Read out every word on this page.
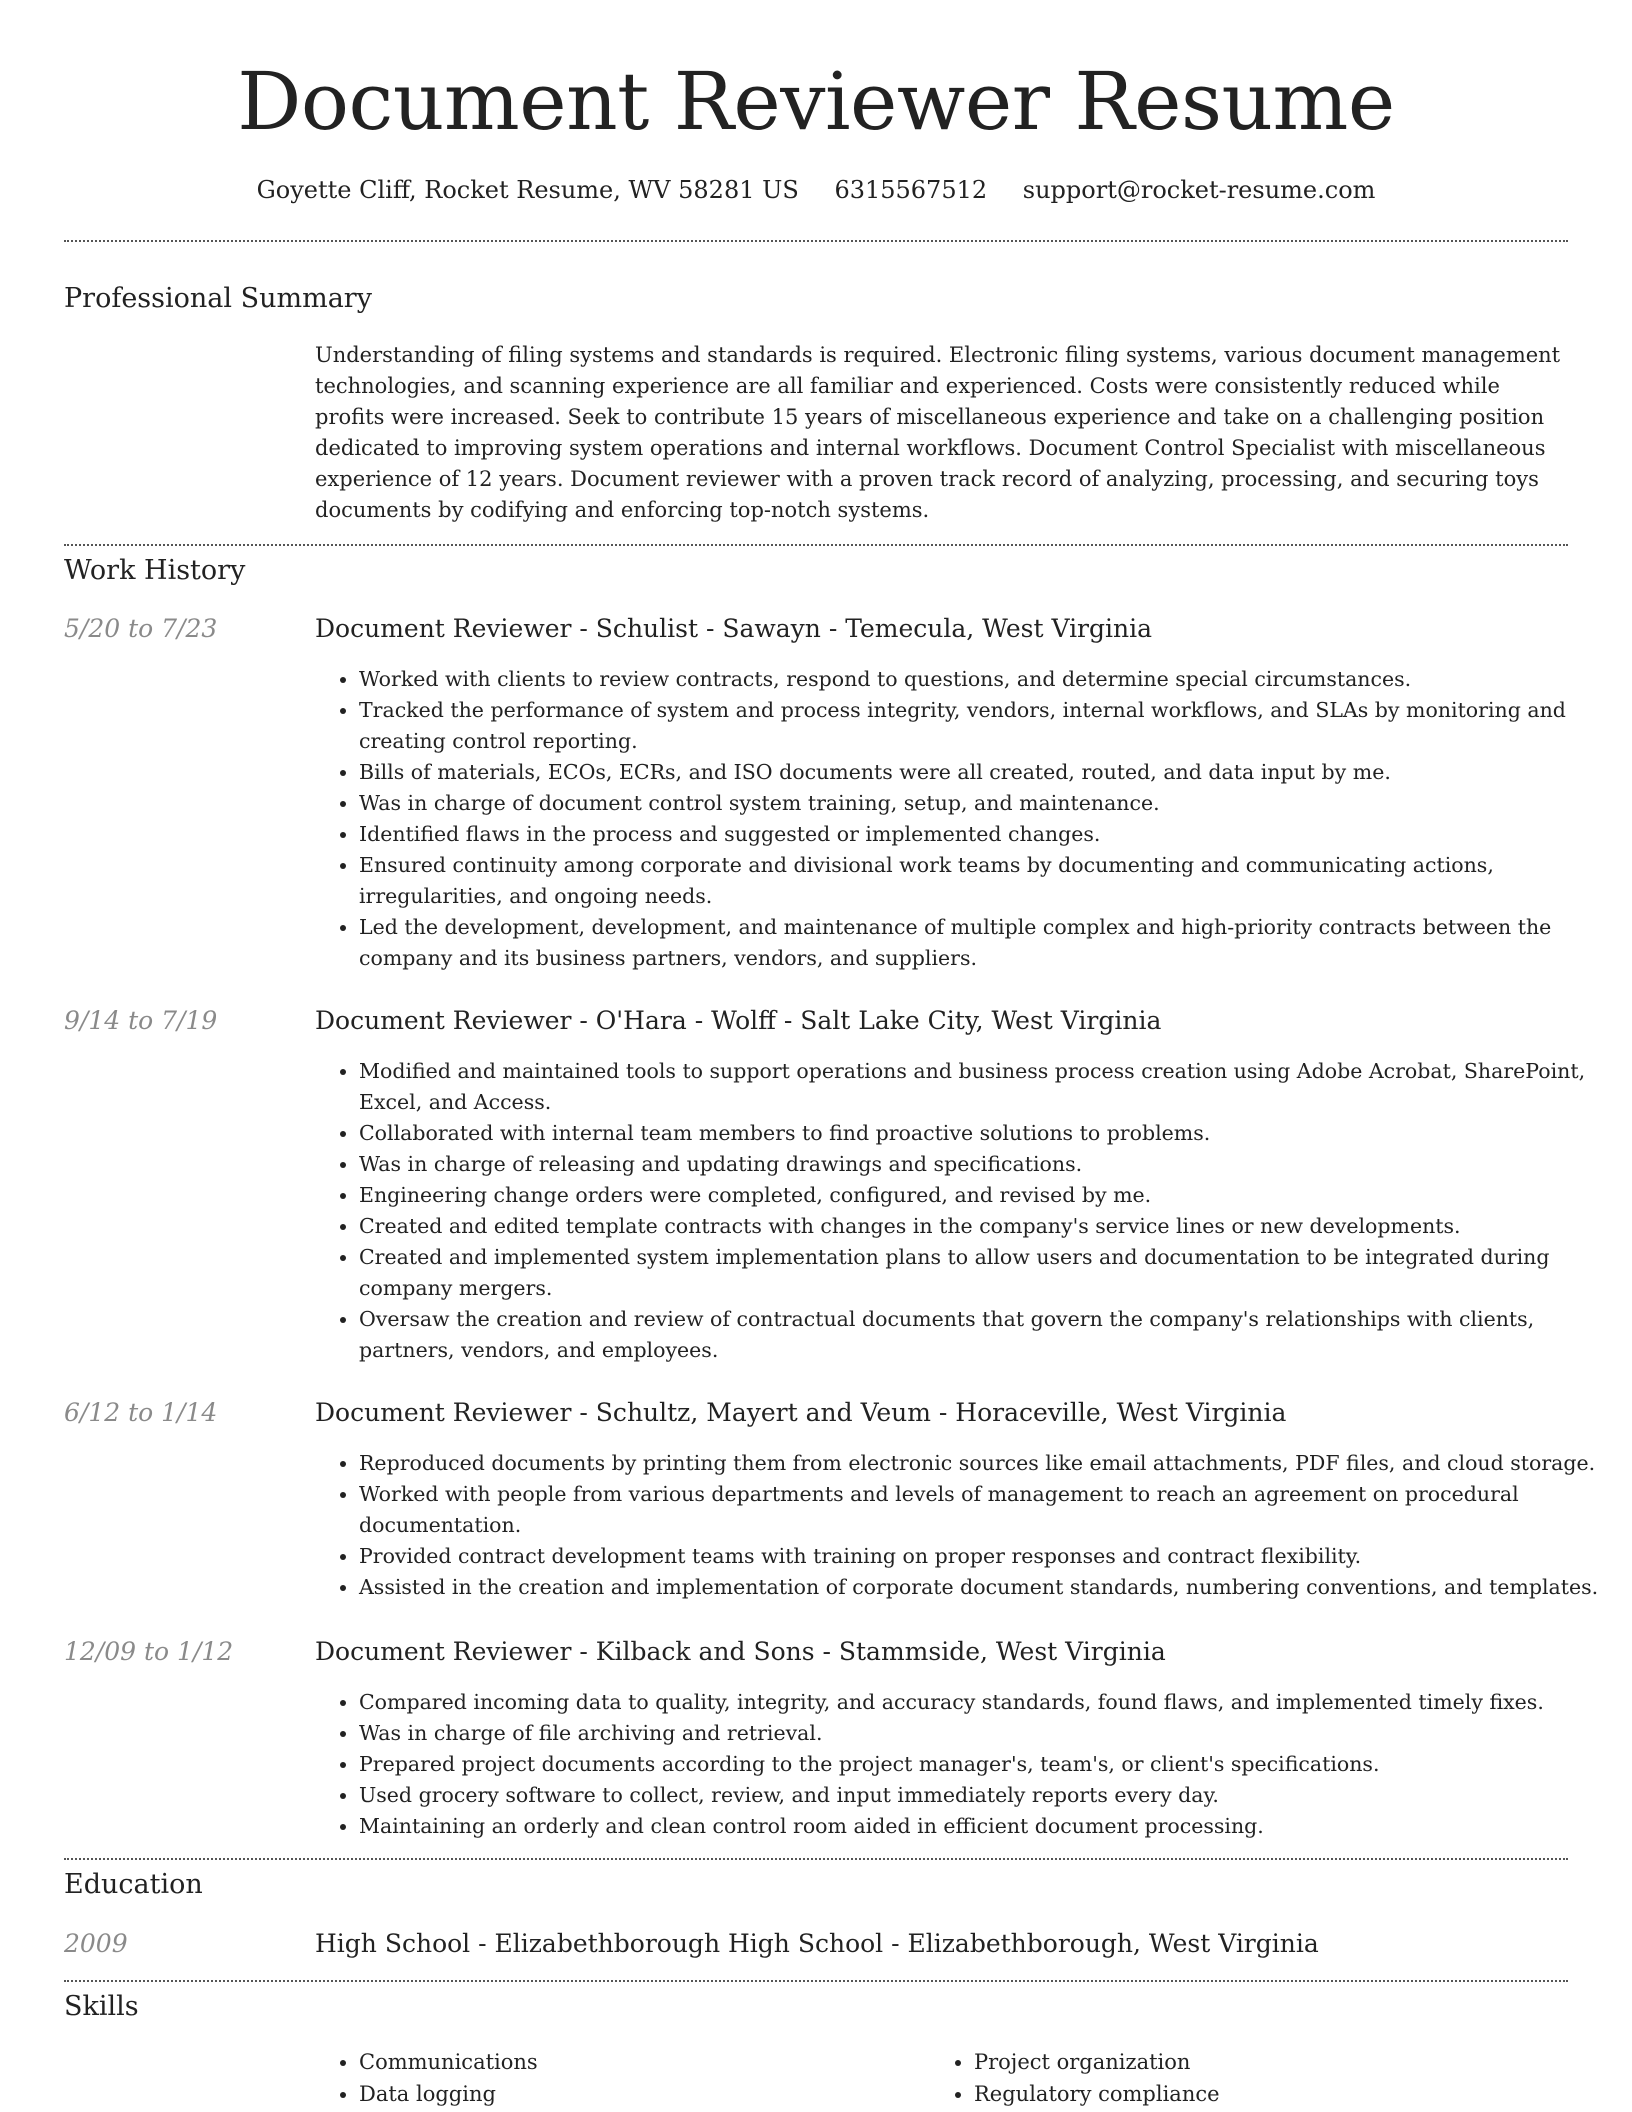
Document Reviewer Resume
Goyette Cliff, Rocket Resume, WV 58281 US 6315567512 support@rocket-resume.com
Professional Summary
Understanding of filing systems and standards is required. Electronic filing systems, various document management technologies, and scanning experience are all familiar and experienced. Costs were consistently reduced while profits were increased. Seek to contribute 15 years of miscellaneous experience and take on a challenging position dedicated to improving system operations and internal workflows. Document Control Specialist with miscellaneous experience of 12 years. Document reviewer with a proven track record of analyzing, processing, and securing toys documents by codifying and enforcing top-notch systems.
Work History
5/20 to 7/23	Document Reviewer - Schulist - Sawayn - Temecula, West Virginia
• Worked with clients to review contracts, respond to questions, and determine special circumstances.
• Tracked the performance of system and process integrity, vendors, internal workflows, and SLAs by monitoring and creating control reporting.
• Bills of materials, ECOs, ECRs, and ISO documents were all created, routed, and data input by me.
• Was in charge of document control system training, setup, and maintenance.
• Identified flaws in the process and suggested or implemented changes.
• Ensured continuity among corporate and divisional work teams by documenting and communicating actions, irregularities, and ongoing needs.
• Led the development, development, and maintenance of multiple complex and high-priority contracts between the company and its business partners, vendors, and suppliers.
9/14 to 7/19	Document Reviewer - O'Hara - Wolff - Salt Lake City, West Virginia
• Modified and maintained tools to support operations and business process creation using Adobe Acrobat, SharePoint, Excel, and Access.
• Collaborated with internal team members to find proactive solutions to problems.
• Was in charge of releasing and updating drawings and specifications.
• Engineering change orders were completed, configured, and revised by me.
• Created and edited template contracts with changes in the company's service lines or new developments.
• Created and implemented system implementation plans to allow users and documentation to be integrated during company mergers.
• Oversaw the creation and review of contractual documents that govern the company's relationships with clients, partners, vendors, and employees.
6/12 to 1/14	Document Reviewer - Schultz, Mayert and Veum - Horaceville, West Virginia
• Reproduced documents by printing them from electronic sources like email attachments, PDF files, and cloud storage.
• Worked with people from various departments and levels of management to reach an agreement on procedural documentation.
• Provided contract development teams with training on proper responses and contract flexibility.
• Assisted in the creation and implementation of corporate document standards, numbering conventions, and templates.
12/09 to 1/12	Document Reviewer - Kilback and Sons - Stammside, West Virginia
• Compared incoming data to quality, integrity, and accuracy standards, found flaws, and implemented timely fixes.
• Was in charge of file archiving and retrieval.
• Prepared project documents according to the project manager's, team's, or client's specifications.
• Used grocery software to collect, review, and input immediately reports every day.
• Maintaining an orderly and clean control room aided in efficient document processing.
Education
2009	High School - Elizabethborough High School - Elizabethborough, West Virginia
Skills
• Communications
• Data logging
• Project organization
• Regulatory compliance
